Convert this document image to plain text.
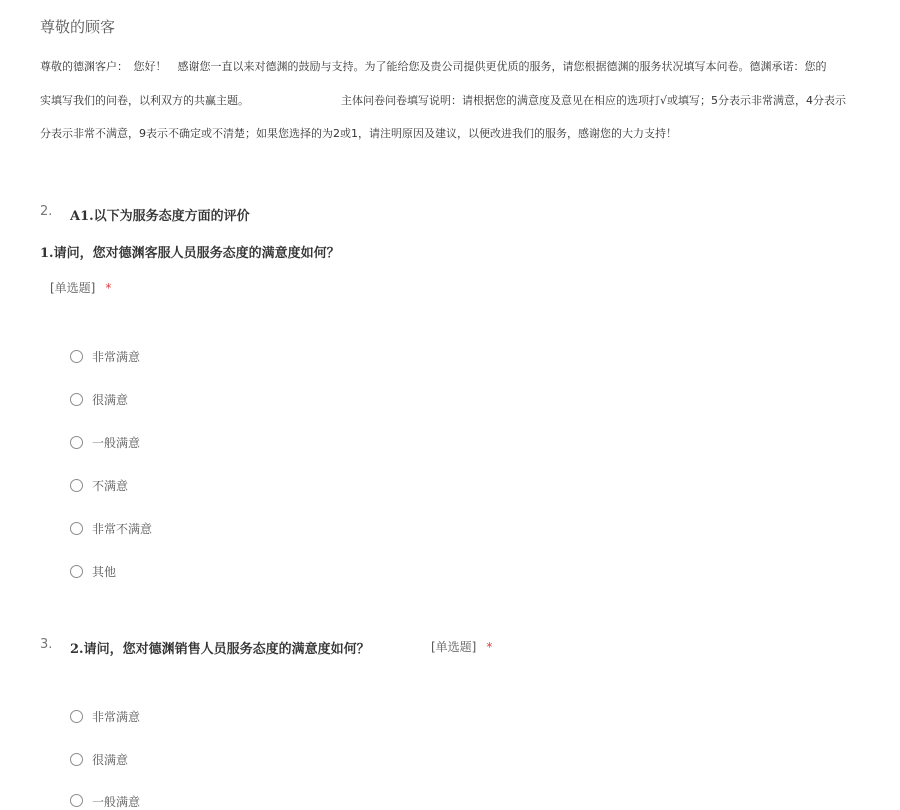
尊敬的顾客
尊敬的德渊客户：　您好！　感谢您一直以来对德渊的鼓励与支持。为了能给您及贵公司提供更优质的服务，请您根据德渊的服务状况填写本问卷。德渊承诺：您的
实填写我们的问卷，以利双方的共赢主题。	主体问卷问卷填写说明：请根据您的满意度及意见在相应的选项打√或填写；5分表示非常满意，4分表示
分表示非常不满意，9表示不确定或不清楚；如果您选择的为2或1，请注明原因及建议，以便改进我们的服务，感谢您的大力支持！
2. A1.以下为服务态度方面的评价
1.请问，您对德渊客服人员服务态度的满意度如何？
[单选题] *
非常满意
很满意
一般满意
不满意
非常不满意
其他
3. 2.请问，您对德渊销售人员服务态度的满意度如何？	[单选题] *
非常满意
很满意
一般满意
